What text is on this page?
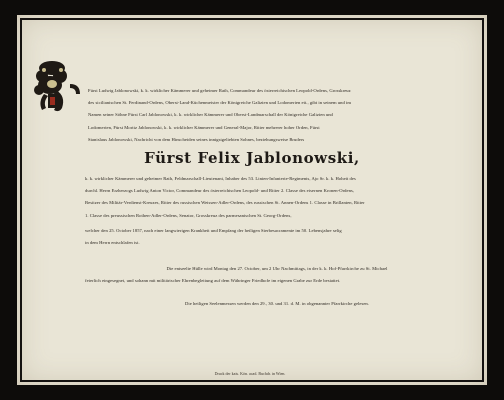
Fürst Ludwig Jablonowski, k. k. wirklicher Kämmerer und geheimer Rath, Commandeur des österreichischen Leopold-Ordens, Grosskreuz
des sicilianischen St. Ferdinand-Ordens, Oberst-Land-Küchenmeister der Königreiche Galizien und Lodomerien ett., gibt in seinem und im
Namen seiner Söhne Fürst Carl Jablonowski, k. k. wirklicher Kämmerer und Oberst-Landmarschall der Königreiche Galizien und
Lodomerien, Fürst Moritz Jablonowski, k. k. wirklicher Kämmerer und General-Major, Ritter mehrerer hoher Orden, Fürst
Stanislaus Jablonowski, Nachricht von dem Hinscheiden seines innigstgeliebten Sohnes, beziehungsweise Bruders
Fürst Felix Jablonowski,
k. k. wirklicher Kämmerer und geheimer Rath, Feldmarschall-Lieutenant, Inhaber des 53. Linien-Infanterie-Regiments, Ajo Sr. k. k. Hoheit des
durchl. Herrn Erzherzogs Ludwig Anton Victor, Commandeur des österreichischen Leopold- und Ritter 2. Classe des eisernen Kronen-Ordens,
Besitzer des Militär-Verdienst-Kreuzes, Ritter des russischen Weissen-Adler-Ordens, des russischen St. Annen-Ordens 1. Classe in Brillanten, Ritter
1. Classe des preussischen Rothen-Adler-Ordens, Senator, Grosskreuz des parmesanischen St. Georg-Ordens,
welcher den 25. October 1857, nach einer langwierigen Krankheit und Empfang der heiligen Sterbesacramente im 50. Lebensjahre selig
in dem Herrn entschlafen ist.
Die entseelte Hülle wird Montag den 27. October, um 2 Uhr Nachmittags, in der k. k. Hof-Pfarrkirche zu St. Michael
feierlich eingesegnet, und sohann mit militärischer Ehrenbegleitung auf dem Währinger Friedhofe im eigenen Grabe zur Erde bestattet.
Die heiligen Seelenmessen werden den 29., 30. und 31. d. M. in obgenannter Pfarrkirche gelesen.
Druck der kais. Kön. acad. Buchdr. in Wien.
